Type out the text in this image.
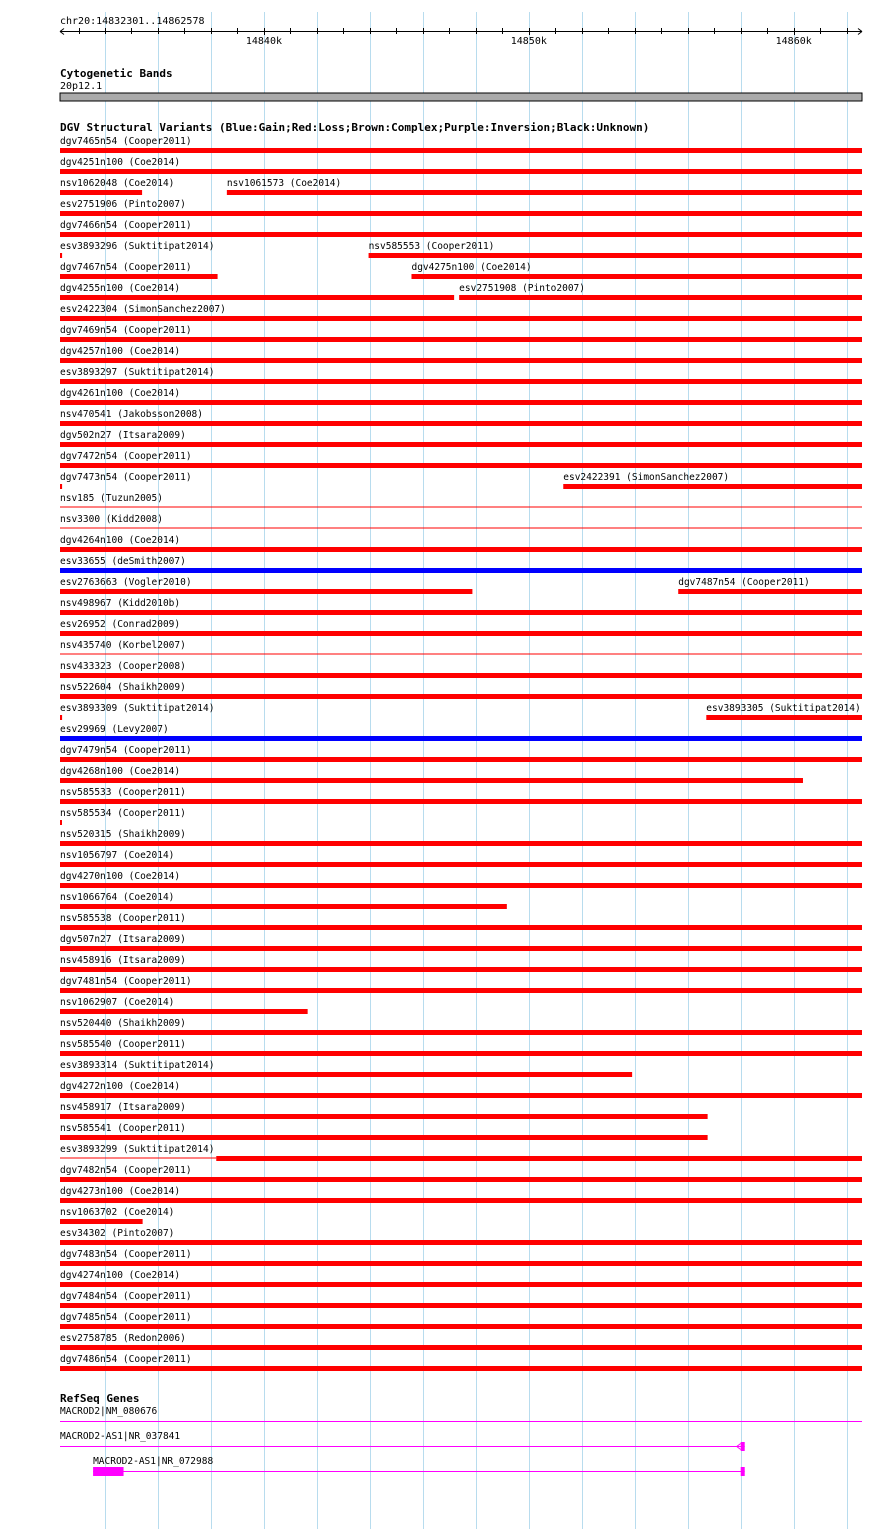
chr20:14832301..14862578
14840k	14850k	14860k
Cytogenetic Bands
20p12.1
DGV Structural Variants (Blue:Gain;Red:Loss;Brown:Complex;Purple:Inversion;Black:Unknown)
dgv7465n54 (Cooper2011)
dgv4251n100 (Coe2014)
nsv1062048 (Coe2014)	nsv1061573 (Coe2014)
esv2751906 (Pinto2007)
dgv7466n54 (Cooper2011)
esv3893296 (Suktitipat2014)	nsv585553 (Cooper2011)
dgv7467n54 (Cooper2011)	dgv4275n100 (Coe2014)
dgv4255n100 (Coe2014)	esv2751908 (Pinto2007)
esv2422304 (SimonSanchez2007)
dgv7469n54 (Cooper2011)
dgv4257n100 (Coe2014)
esv3893297 (Suktitipat2014)
dgv4261n100 (Coe2014)
nsv470541 (Jakobsson2008)
dgv502n27 (Itsara2009)
dgv7472n54 (Cooper2011)
dgv7473n54 (Cooper2011)	esv2422391 (SimonSanchez2007)
nsv185 (Tuzun2005)
nsv3300 (Kidd2008)
dgv4264n100 (Coe2014)
esv33655 (deSmith2007)
esv2763663 (Vogler2010)	dgv7487n54 (Cooper2011)
nsv498967 (Kidd2010b)
esv26952 (Conrad2009)
nsv435740 (Korbel2007)
nsv433323 (Cooper2008)
nsv522604 (Shaikh2009)
esv3893309 (Suktitipat2014)	esv3893305 (Suktitipat2014)
esv29969 (Levy2007)
dgv7479n54 (Cooper2011)
dgv4268n100 (Coe2014)
nsv585533 (Cooper2011)
nsv585534 (Cooper2011)
nsv520315 (Shaikh2009)
nsv1056797 (Coe2014)
dgv4270n100 (Coe2014)
nsv1066764 (Coe2014)
nsv585538 (Cooper2011)
dgv507n27 (Itsara2009)
nsv458916 (Itsara2009)
dgv7481n54 (Cooper2011)
nsv1062907 (Coe2014)
nsv520440 (Shaikh2009)
nsv585540 (Cooper2011)
esv3893314 (Suktitipat2014)
dgv4272n100 (Coe2014)
nsv458917 (Itsara2009)
nsv585541 (Cooper2011)
esv3893299 (Suktitipat2014)
dgv7482n54 (Cooper2011)
dgv4273n100 (Coe2014)
nsv1063702 (Coe2014)
esv34302 (Pinto2007)
dgv7483n54 (Cooper2011)
dgv4274n100 (Coe2014)
dgv7484n54 (Cooper2011)
dgv7485n54 (Cooper2011)
esv2758785 (Redon2006)
dgv7486n54 (Cooper2011)
RefSeq Genes
MACROD2|NM_080676
MACROD2-AS1|NR_037841
MACROD2-AS1|NR_072988
